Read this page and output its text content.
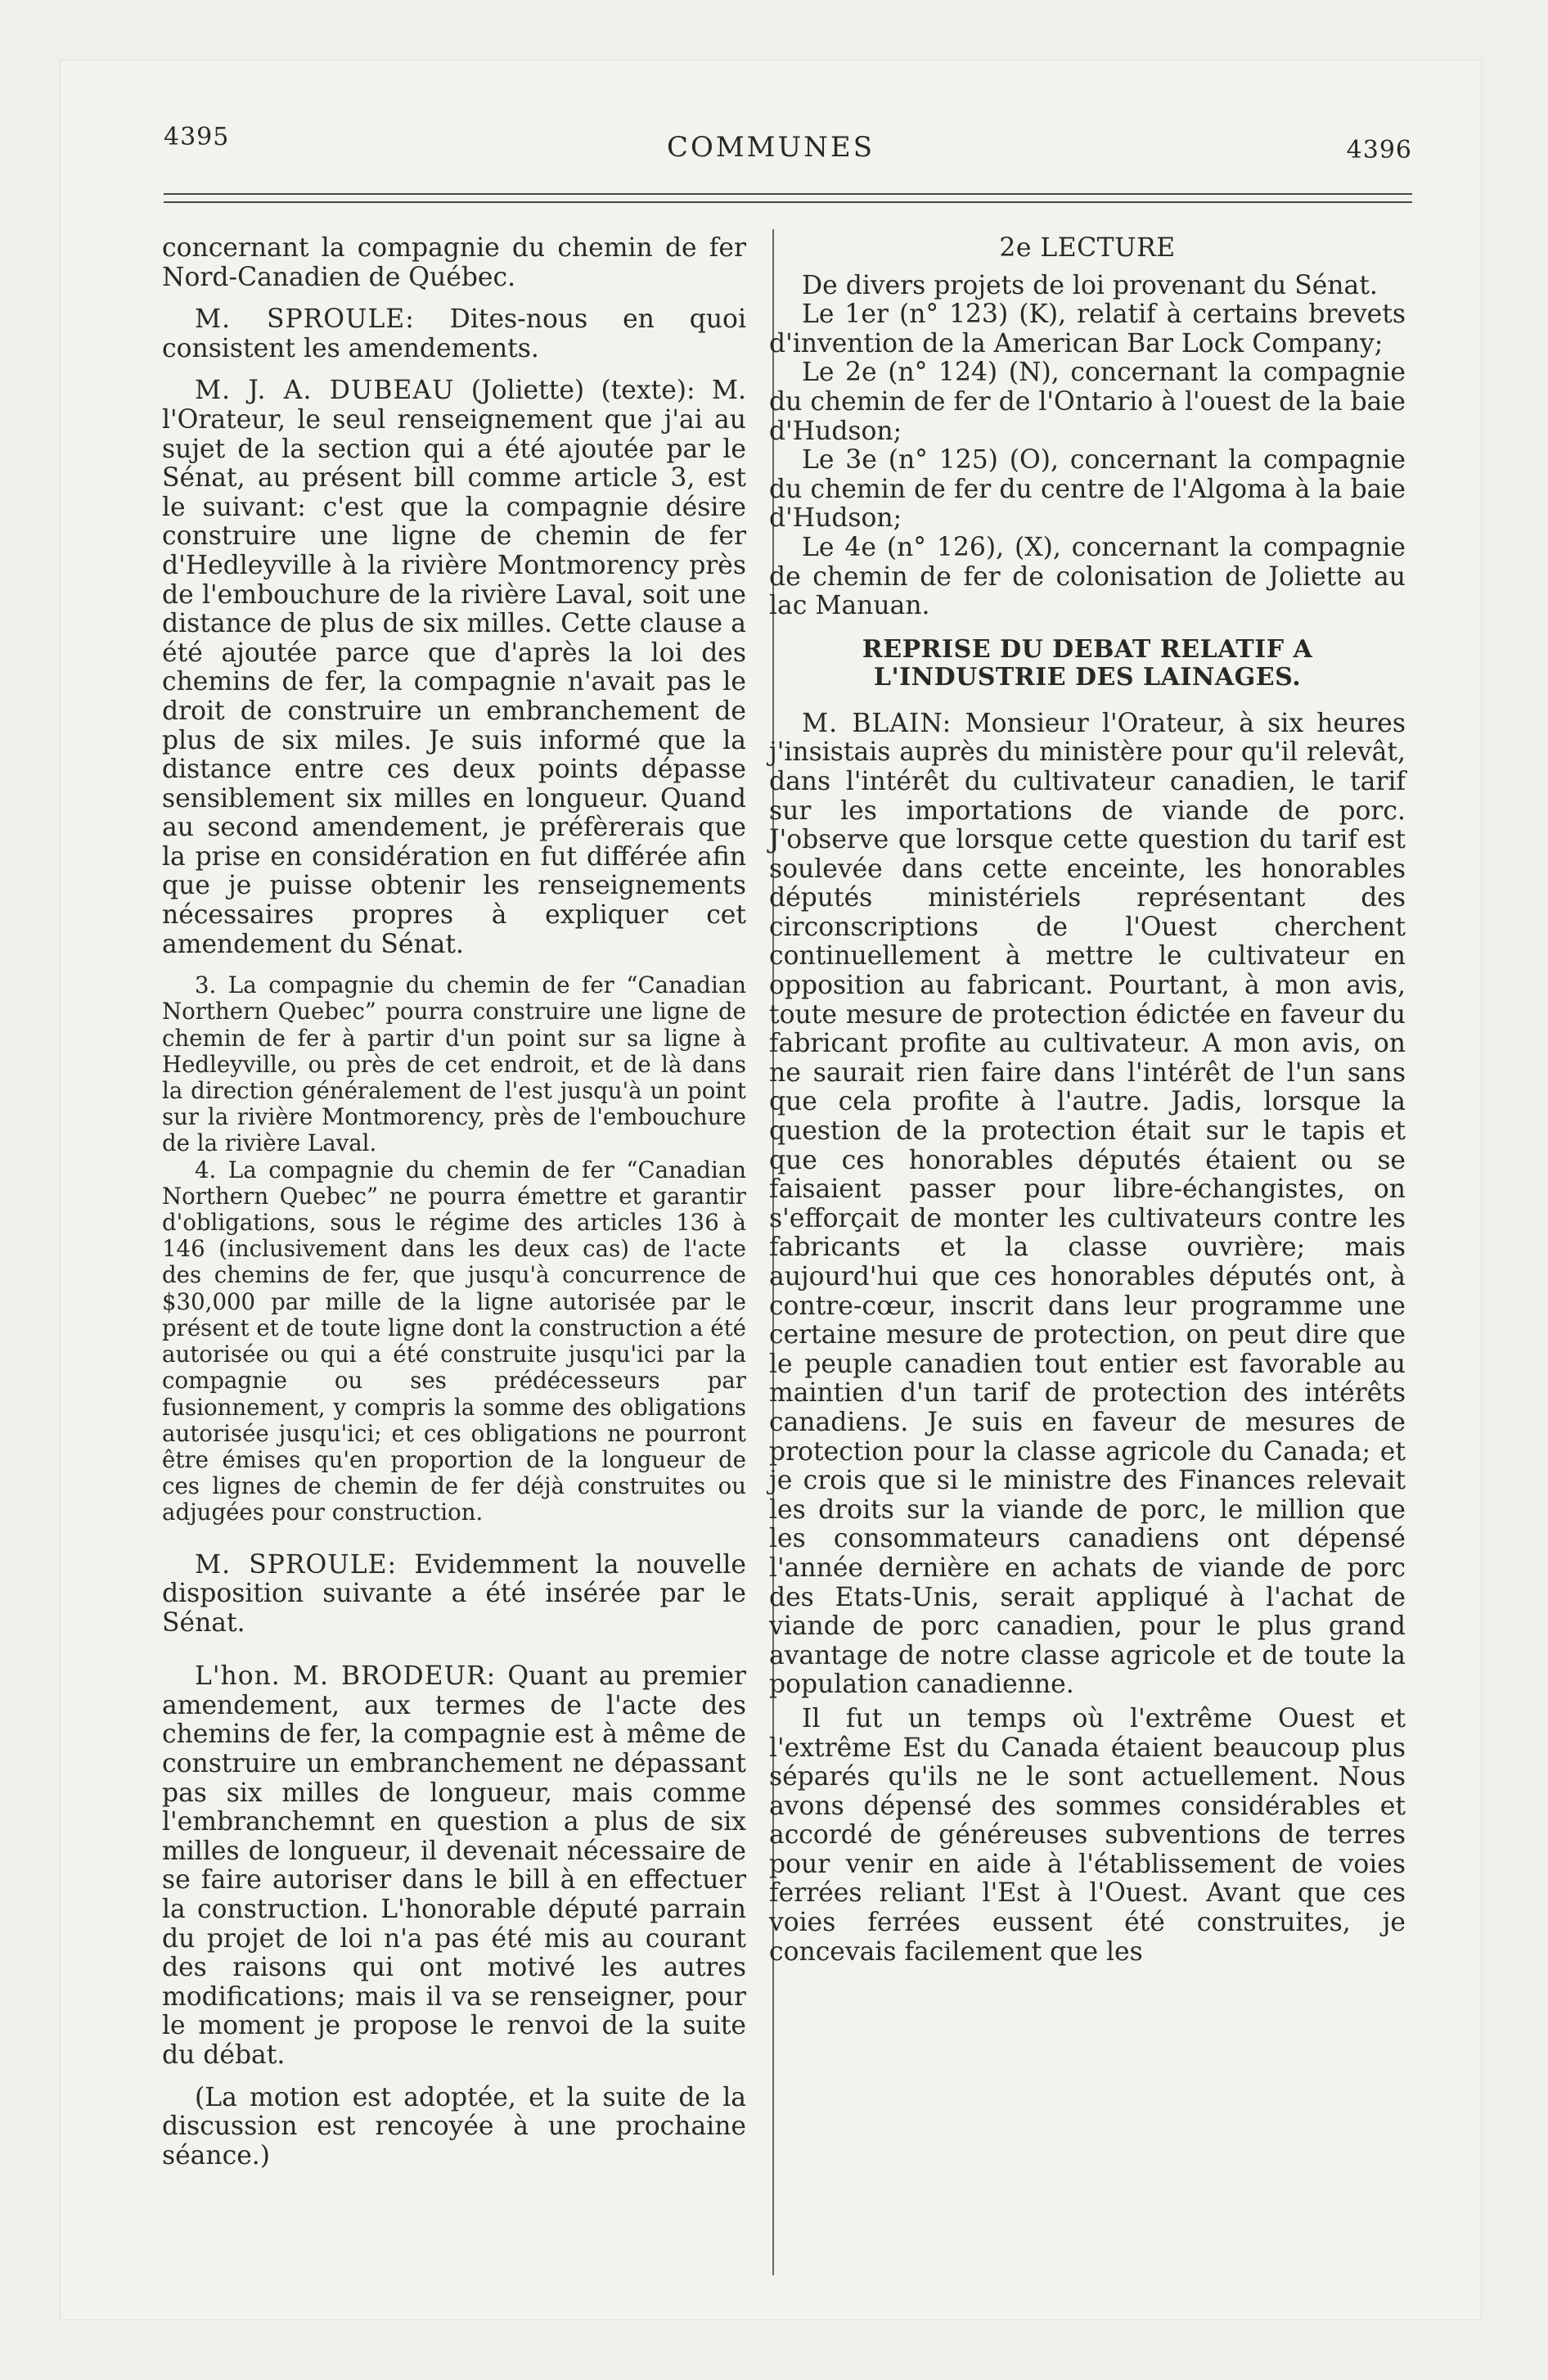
4395	COMMUNES	4396

concernant la compagnie du chemin de fer Nord-Canadien de Québec.

M. SPROULE: Dites-nous en quoi consistent les amendements.

M. J. A. DUBEAU (Joliette) (texte): M. l'Orateur, le seul renseignement que j'ai au sujet de la section qui a été ajoutée par le Sénat, au présent bill comme article 3, est le suivant: c'est que la compagnie désire construire une ligne de chemin de fer d'Hedleyville à la rivière Montmorency près de l'embouchure de la rivière Laval, soit une distance de plus de six milles. Cette clause a été ajoutée parce que d'après la loi des chemins de fer, la compagnie n'avait pas le droit de construire un embranchement de plus de six miles. Je suis informé que la distance entre ces deux points dépasse sensiblement six milles en longueur. Quand au second amendement, je préfèrerais que la prise en considération en fut différée afin que je puisse obtenir les renseignements nécessaires propres à expliquer cet amendement du Sénat.

3. La compagnie du chemin de fer “Canadian Northern Quebec” pourra construire une ligne de chemin de fer à partir d'un point sur sa ligne à Hedleyville, ou près de cet endroit, et de là dans la direction généralement de l'est jusqu'à un point sur la rivière Montmorency, près de l'embouchure de la rivière Laval.

4. La compagnie du chemin de fer “Canadian Northern Quebec” ne pourra émettre et garantir d'obligations, sous le régime des articles 136 à 146 (inclusivement dans les deux cas) de l'acte des chemins de fer, que jusqu'à concurrence de $30,000 par mille de la ligne autorisée par le présent et de toute ligne dont la construction a été autorisée ou qui a été construite jusqu'ici par la compagnie ou ses prédécesseurs par fusionnement, y compris la somme des obligations autorisée jusqu'ici; et ces obligations ne pourront être émises qu'en proportion de la longueur de ces lignes de chemin de fer déjà construites ou adjugées pour construction.

M. SPROULE: Evidemment la nouvelle disposition suivante a été insérée par le Sénat.

L'hon. M. BRODEUR: Quant au premier amendement, aux termes de l'acte des chemins de fer, la compagnie est à même de construire un embranchement ne dépassant pas six milles de longueur, mais comme l'embranchemnt en question a plus de six milles de longueur, il devenait nécessaire de se faire autoriser dans le bill à en effectuer la construction. L'honorable député parrain du projet de loi n'a pas été mis au courant des raisons qui ont motivé les autres modifications; mais il va se renseigner, pour le moment je propose le renvoi de la suite du débat.

(La motion est adoptée, et la suite de la discussion est rencoyée à une prochaine séance.)

2e LECTURE

De divers projets de loi provenant du Sénat.

Le 1er (n° 123) (K), relatif à certains brevets d'invention de la American Bar Lock Company;

Le 2e (n° 124) (N), concernant la compagnie du chemin de fer de l'Ontario à l'ouest de la baie d'Hudson;

Le 3e (n° 125) (O), concernant la compagnie du chemin de fer du centre de l'Algoma à la baie d'Hudson;

Le 4e (n° 126), (X), concernant la compagnie de chemin de fer de colonisation de Joliette au lac Manuan.

REPRISE DU DEBAT RELATIF A L'INDUSTRIE DES LAINAGES.

M. BLAIN: Monsieur l'Orateur, à six heures j'insistais auprès du ministère pour qu'il relevât, dans l'intérêt du cultivateur canadien, le tarif sur les importations de viande de porc. J'observe que lorsque cette question du tarif est soulevée dans cette enceinte, les honorables députés ministériels représentant des circonscriptions de l'Ouest cherchent continuellement à mettre le cultivateur en opposition au fabricant. Pourtant, à mon avis, toute mesure de protection édictée en faveur du fabricant profite au cultivateur. A mon avis, on ne saurait rien faire dans l'intérêt de l'un sans que cela profite à l'autre. Jadis, lorsque la question de la protection était sur le tapis et que ces honorables députés étaient ou se faisaient passer pour libre-échangistes, on s'efforçait de monter les cultivateurs contre les fabricants et la classe ouvrière; mais aujourd'hui que ces honorables députés ont, à contre-cœur, inscrit dans leur programme une certaine mesure de protection, on peut dire que le peuple canadien tout entier est favorable au maintien d'un tarif de protection des intérêts canadiens. Je suis en faveur de mesures de protection pour la classe agricole du Canada; et je crois que si le ministre des Finances relevait les droits sur la viande de porc, le million que les consommateurs canadiens ont dépensé l'année dernière en achats de viande de porc des Etats-Unis, serait appliqué à l'achat de viande de porc canadien, pour le plus grand avantage de notre classe agricole et de toute la population canadienne.

Il fut un temps où l'extrême Ouest et l'extrême Est du Canada étaient beaucoup plus séparés qu'ils ne le sont actuellement. Nous avons dépensé des sommes considérables et accordé de généreuses subventions de terres pour venir en aide à l'établissement de voies ferrées reliant l'Est à l'Ouest. Avant que ces voies ferrées eussent été construites, je concevais facilement que les
